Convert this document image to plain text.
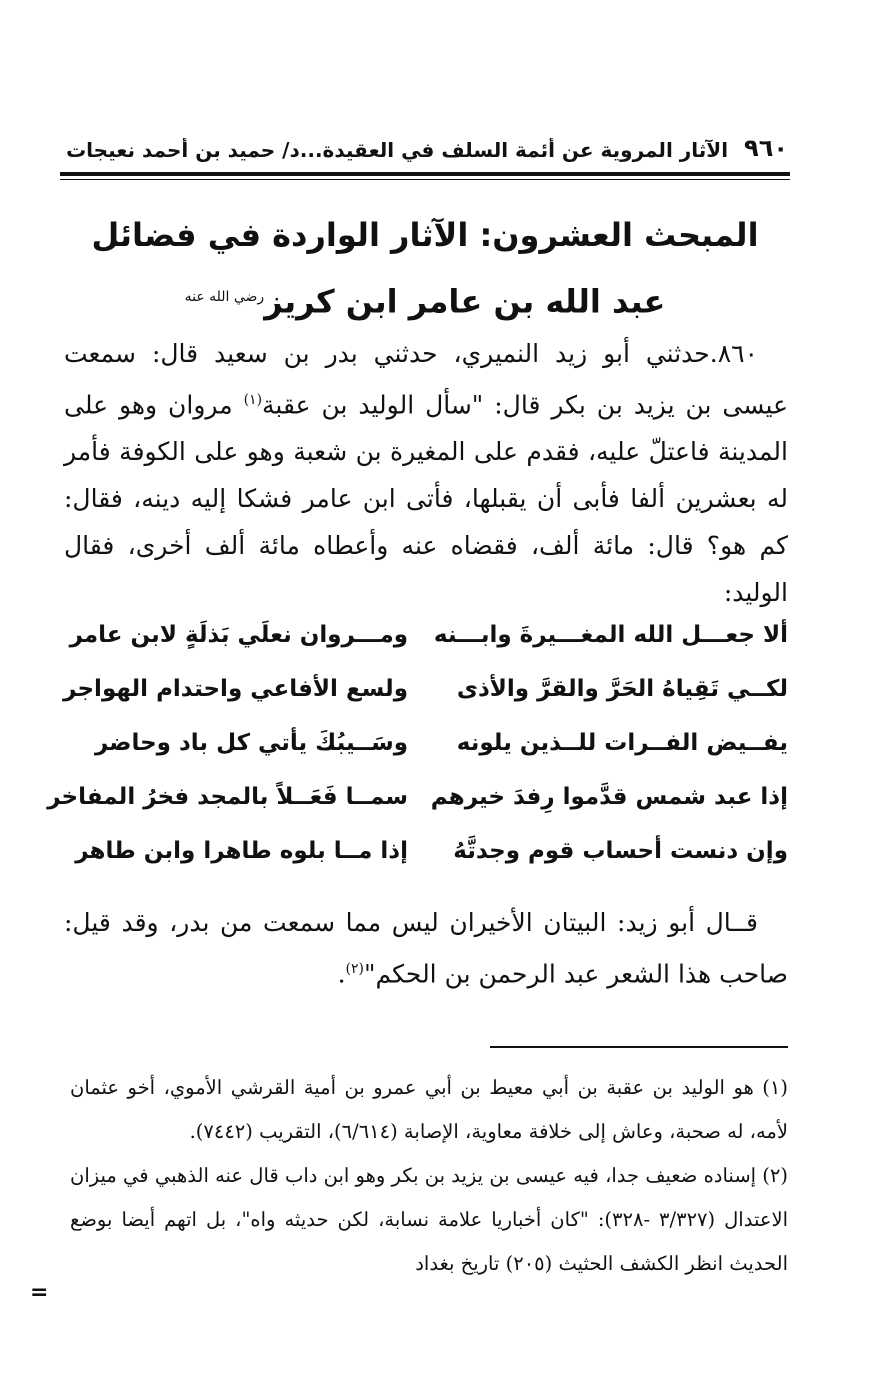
٩٦٠
الآثار المروية عن أئمة السلف في العقيدة...د/ حميد بن أحمد نعيجات
المبحث العشرون: الآثار الواردة في فضائل عبد الله بن عامر ابن كريز$^{رضي الله عنه}$

٨٦٠.حدثني أبو زيد النميري، حدثني بدر بن سعيد قال: سمعت عيسى بن يزيد بن بكر قال: "سأل الوليد بن عقبة$^{(١)}$ مروان وهو على المدينة فاعتلّ عليه، فقدم على المغيرة بن شعبة وهو على الكوفة فأمر له بعشرين ألفا فأبى أن يقبلها، فأتى ابن عامر فشكا إليه دينه، فقال: كم هو؟ قال: مائة ألف، فقضاه عنه وأعطاه مائة ألف أخرى، فقال الوليد:

ألا جعـــل الله المغـــيرةَ وابـــنه
ومـــروان نعلَي بَذلَةٍ لابن عامر
لكــي تَقِياهُ الحَرَّ والقرَّ والأذى
ولسع الأفاعي واحتدام الهواجر
يفــيض الفــرات للــذين يلونه
وسَــيبُكَ يأتي كل باد وحاضر
إذا عبد شمس قدَّموا رِفدَ خيرهم
سمــا فَعَــلاً بالمجد فخرُ المفاخر
وإن دنست أحساب قوم وجدتَّهُ
إذا مــا بلوه طاهرا وابن طاهر

قــال أبو زيد: البيتان الأخيران ليس مما سمعت من بدر، وقد قيل: صاحب هذا الشعر عبد الرحمن بن الحكم"$^{(٢)}$.

(١) هو الوليد بن عقبة بن أبي معيط بن أبي عمرو بن أمية القرشي الأموي، أخو عثمان لأمه، له صحبة، وعاش إلى خلافة معاوية، الإصابة (٦/٦١٤)، التقريب (٧٤٤٢).

(٢) إسناده ضعيف جدا، فيه عيسى بن يزيد بن بكر وهو ابن داب قال عنه الذهبي في ميزان الاعتدال (٣/٣٢٧ -٣٢٨): "كان أخباريا علامة نسابة، لكن حديثه واه"، بل اتهم أيضا بوضع الحديث انظر الكشف الحثيث (٢٠٥) تاريخ بغداد

=
